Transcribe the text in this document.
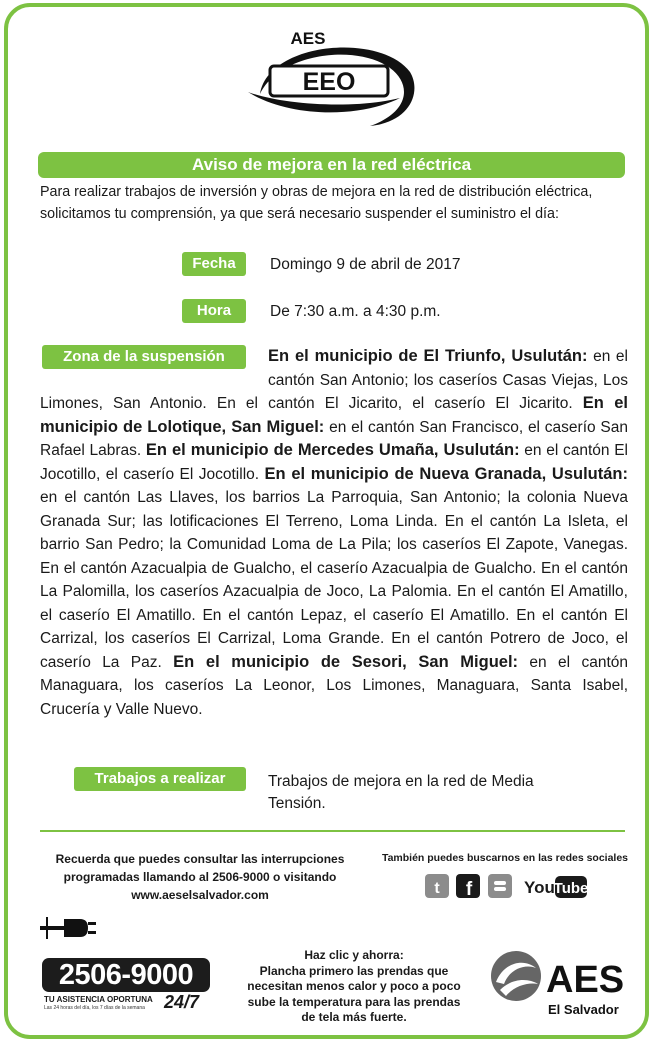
EEO
AES
Aviso de mejora en la red eléctrica
Para realizar trabajos de inversión y obras de mejora en la red de distribución eléctrica, solicitamos tu comprensión, ya que será necesario suspender el suministro el día:
Fecha	Domingo 9 de abril de 2017
Hora	De 7:30 a.m. a 4:30 p.m.
Zona de la suspensión	En el municipio de El Triunfo, Usulután: en el cantón San Antonio; los caseríos Casas Viejas, Los Limones, San Antonio. En el cantón El Jicarito, el caserío El Jicarito. En el municipio de Lolotique, San Miguel: en el cantón San Francisco, el caserío San Rafael Labras. En el municipio de Mercedes Umaña, Usulután: en el cantón El Jocotillo, el caserío El Jocotillo. En el municipio de Nueva Granada, Usulután: en el cantón Las Llaves, los barrios La Parroquia, San Antonio; la colonia Nueva Granada Sur; las lotificaciones El Terreno, Loma Linda. En el cantón La Isleta, el barrio San Pedro; la Comunidad Loma de La Pila; los caseríos El Zapote, Vanegas. En el cantón Azacualpia de Gualcho, el caserío Azacualpia de Gualcho. En el cantón La Palomilla, los caseríos Azacualpia de Joco, La Palomia. En el cantón El Amatillo, el caserío El Amatillo. En el cantón Lepaz, el caserío El Amatillo. En el cantón El Carrizal, los caseríos El Carrizal, Loma Grande. En el cantón Potrero de Joco, el caserío La Paz. En el municipio de Sesori, San Miguel: en el cantón Managuara, los caseríos La Leonor, Los Limones, Managuara, Santa Isabel, Crucería y Valle Nuevo.
Trabajos a realizar	Trabajos de mejora en la red de Media Tensión.
Recuerda que puedes consultar las interrupciones
programadas llamando al 2506-9000 o visitando
www.aeselsalvador.com
También puedes buscarnos en las redes sociales
t f	You
Tube
2506-9000
TU ASISTENCIA OPORTUNA
Las 24 horas del día, los 7 días de la semana 24/7
Haz clic y ahorra:
Plancha primero las prendas que
necesitan menos calor y poco a poco
sube la temperatura para las prendas
de tela más fuerte.
AES
El Salvador
